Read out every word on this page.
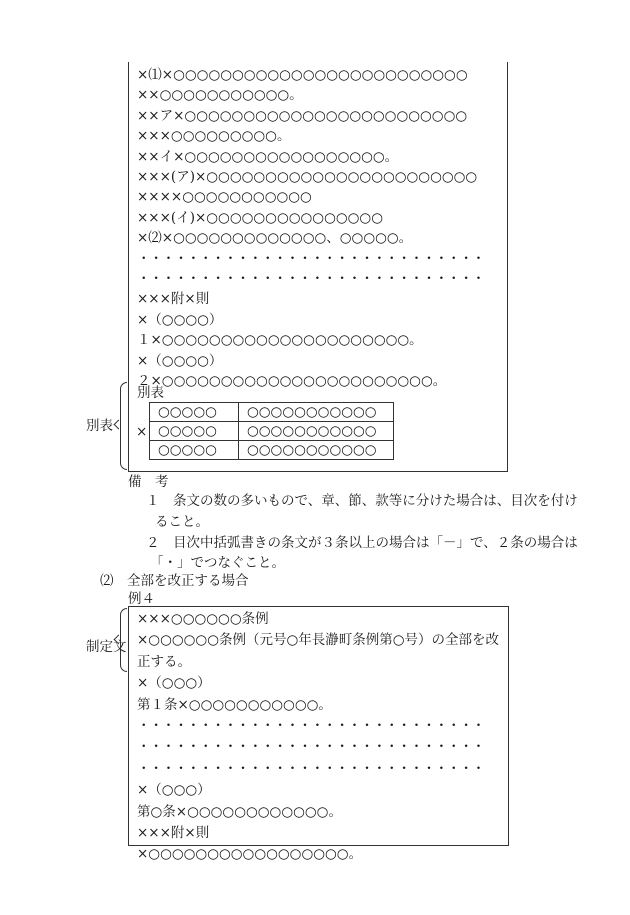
×⑴×○○○○○○○○○○○○○○○○○○○○○○○○○
××○○○○○○○○○○○。
××ア×○○○○○○○○○○○○○○○○○○○○○○○○
×××○○○○○○○○○。
××イ×○○○○○○○○○○○○○○○○○。
×××(ア)×○○○○○○○○○○○○○○○○○○○○○○○
××××○○○○○○○○○○○
×××(イ)×○○○○○○○○○○○○○○○
×⑵×○○○○○○○○○○○○○、○○○○○。
・・・・・・・・・・・・・・・・・・・・・・・・・・・・
・・・・・・・・・・・・・・・・・・・・・・・・・・・・
×××附×則
×（○○○○）
１×○○○○○○○○○○○○○○○○○○○○○。
×（○○○○）
２×○○○○○○○○○○○○○○○○○○○○○○○。
別表
×
○○○○○	○○○○○○○○○○○
○○○○○	○○○○○○○○○○○
○○○○○	○○○○○○○○○○○
別表
備　考
１　条文の数の多いもので、章、節、款等に分けた場合は、目次を付け
ること。
２　目次中括弧書きの条文が３条以上の場合は「－」で、２条の場合は
「・」でつなぐこと。
⑵　全部を改正する場合
例４
×××○○○○○○条例
×○○○○○○条例（元号○年長瀞町条例第○号）の全部を改
正する。
×（○○○）
第１条×○○○○○○○○○○○。
・・・・・・・・・・・・・・・・・・・・・・・・・・・・
・・・・・・・・・・・・・・・・・・・・・・・・・・・・
・・・・・・・・・・・・・・・・・・・・・・・・・・・・
×（○○○）
第○条×○○○○○○○○○○○○。
×××附×則
×○○○○○○○○○○○○○○○○○。
制定文
